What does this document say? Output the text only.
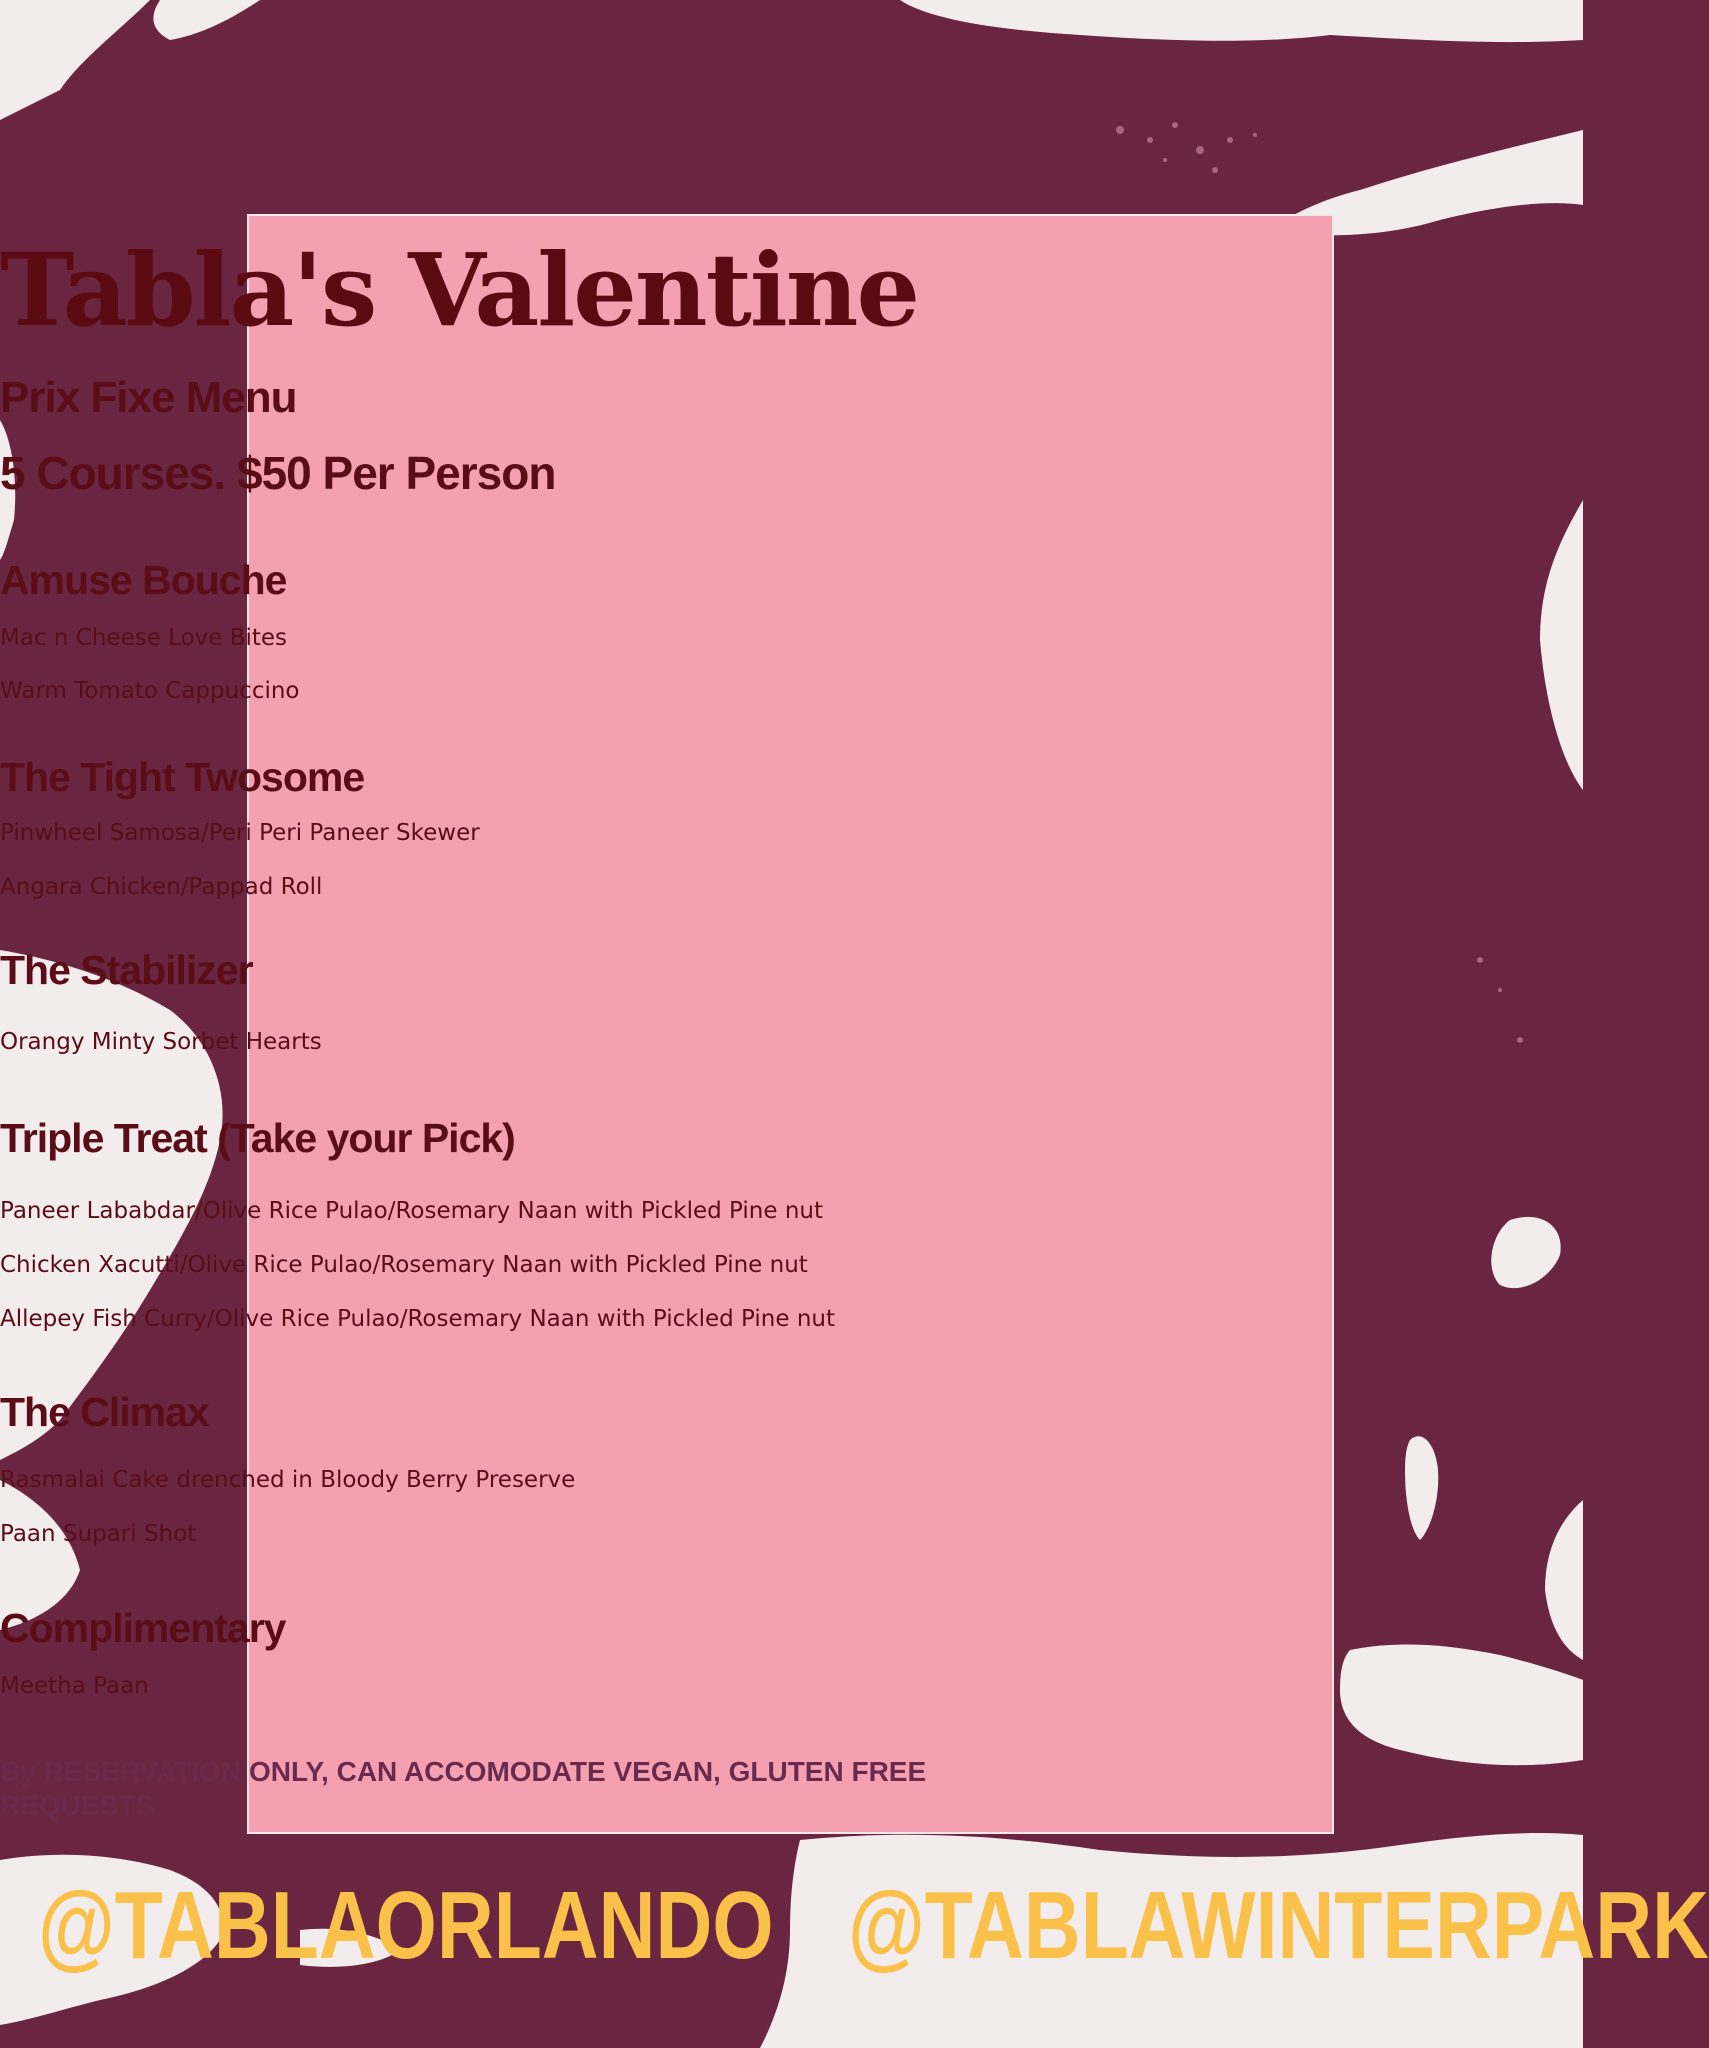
Tabla's Valentine
Prix Fixe Menu
5 Courses. $50 Per Person
Amuse Bouche
Mac n Cheese Love Bites
Warm Tomato Cappuccino
The Tight Twosome
Pinwheel Samosa/Peri Peri Paneer Skewer
Angara Chicken/Pappad Roll
The Stabilizer
Orangy Minty Sorbet Hearts
Triple Treat (Take your Pick)
Paneer Lababdar/Olive Rice Pulao/Rosemary Naan with Pickled Pine nut
Chicken Xacutti/Olive Rice Pulao/Rosemary Naan with Pickled Pine nut
Allepey Fish Curry/Olive Rice Pulao/Rosemary Naan with Pickled Pine nut
The Climax
Rasmalai Cake drenched in Bloody Berry Preserve
Paan Supari Shot
Complimentary
Meetha Paan
By RESERVATION ONLY, CAN ACCOMODATE VEGAN, GLUTEN FREE
REQUESTS
@TABLAORLANDO @TABLAWINTERPARK
